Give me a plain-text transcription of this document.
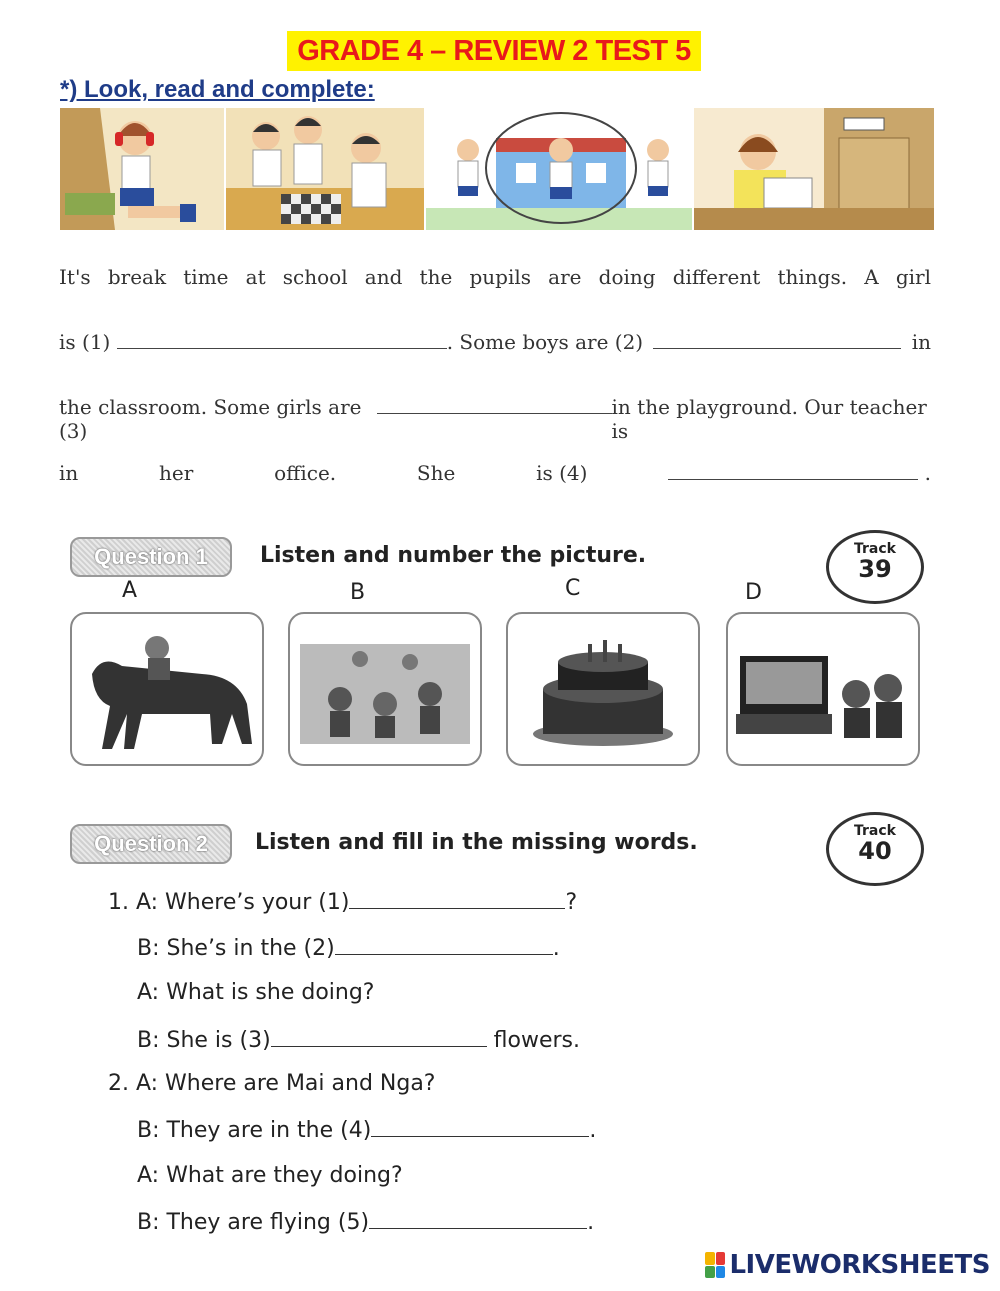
GRADE 4 – REVIEW 2 TEST 5
*) Look, read and complete:
It's break time at school and the pupils are doing different things. A girl
is (1)	. Some boys are (2)	in
the classroom. Some girls are (3)
in the playground. Our teacher is
in	her	office.	She	is (4)	.
Question 1	Listen and number the picture.	Track
39
A	B	C	D
Question 2	Listen and fill in the missing words.	Track
40
1. A: Where’s your (1)	?
B: She’s in the (2)	.
A: What is she doing?
B: She is (3)	flowers.
2. A: Where are Mai and Nga?
B: They are in the (4)	.
A: What are they doing?
B: They are flying (5)	.
LIVEWORKSHEETS
